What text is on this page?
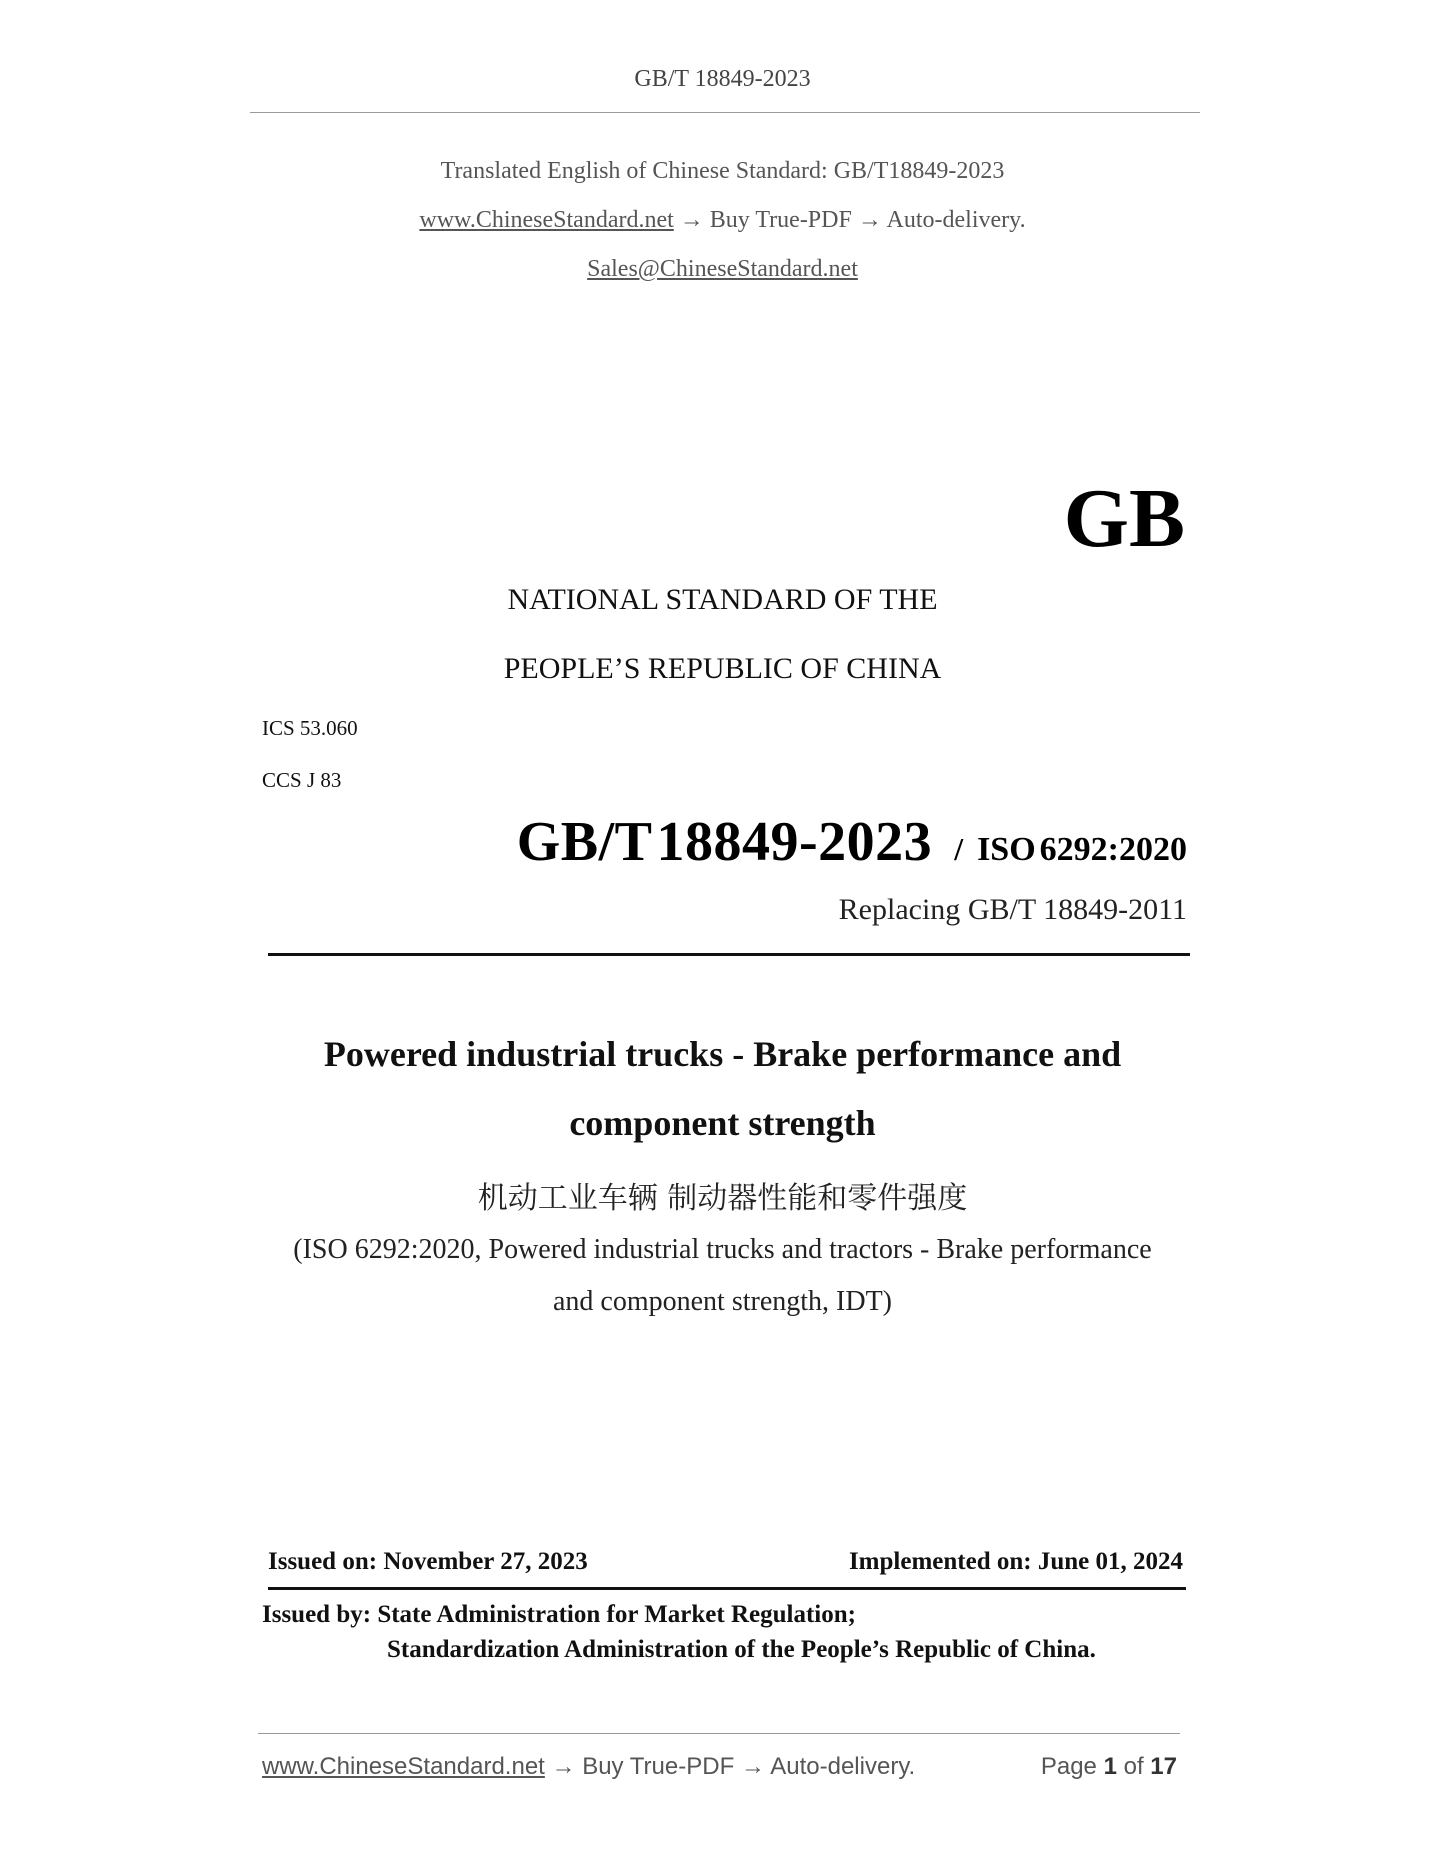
GB/T 18849-2023
Translated English of Chinese Standard: GB/T18849-2023
www.ChineseStandard.net → Buy True-PDF → Auto-delivery.
Sales@ChineseStandard.net
GB
NATIONAL STANDARD OF THE
PEOPLE’S REPUBLIC OF CHINA
ICS 53.060
CCS J 83
GB/T 18849-2023 / ISO 6292:2020
Replacing GB/T 18849-2011
Powered industrial trucks - Brake performance and
component strength
机动工业车辆 制动器性能和零件强度
(ISO 6292:2020, Powered industrial trucks and tractors - Brake performance
and component strength, IDT)
Issued on: November 27, 2023	Implemented on: June 01, 2024
Issued by: State Administration for Market Regulation;
Standardization Administration of the People’s Republic of China.
www.ChineseStandard.net → Buy True-PDF → Auto-delivery.	Page 1 of 17
